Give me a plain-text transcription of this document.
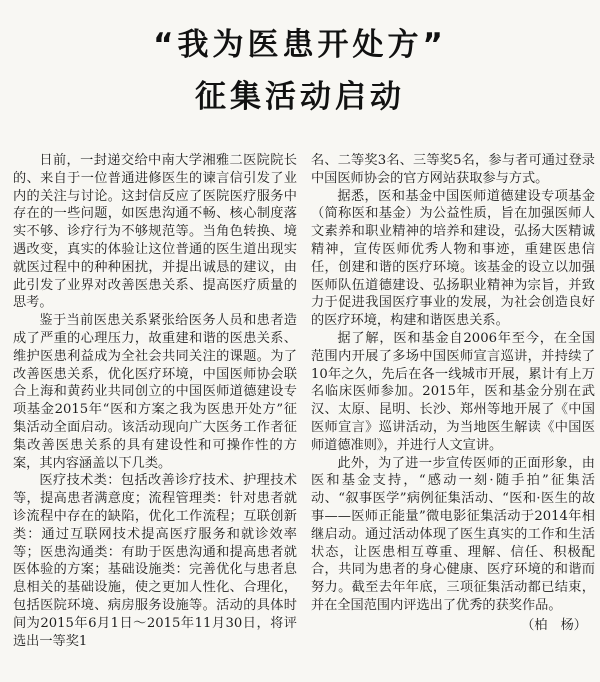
“我为医患开处方”
征集活动启动

日前，一封递交给中南大学湘雅二医院院长的、来自于一位普通进修医生的谏言信引发了业内的关注与讨论。这封信反应了医院医疗服务中存在的一些问题，如医患沟通不畅、核心制度落实不够、诊疗行为不够规范等。当角色转换、境遇改变，真实的体验让这位普通的医生道出现实就医过程中的种种困扰，并提出诚恳的建议，由此引发了业界对改善医患关系、提高医疗质量的思考。

鉴于当前医患关系紧张给医务人员和患者造成了严重的心理压力，故重建和谐的医患关系、维护医患利益成为全社会共同关注的课题。为了改善医患关系，优化医疗环境，中国医师协会联合上海和黄药业共同创立的中国医师道德建设专项基金2015年“医和方案之我为医患开处方”征集活动全面启动。该活动现向广大医务工作者征集改善医患关系的具有建设性和可操作性的方案，其内容涵盖以下几类。

医疗技术类：包括改善诊疗技术、护理技术等，提高患者满意度；流程管理类：针对患者就诊流程中存在的缺陷，优化工作流程；互联创新类：通过互联网技术提高医疗服务和就诊效率等；医患沟通类：有助于医患沟通和提高患者就医体验的方案；基础设施类：完善优化与患者息息相关的基础设施，使之更加人性化、合理化，包括医院环境、病房服务设施等。活动的具体时间为2015年6月1日～2015年11月30日，将评选出一等奖1

名、二等奖3名、三等奖5名，参与者可通过登录中国医师协会的官方网站获取参与方式。

据悉，医和基金中国医师道德建设专项基金（简称医和基金）为公益性质，旨在加强医师人文素养和职业精神的培养和建设，弘扬大医精诚精神，宣传医师优秀人物和事迹，重建医患信任，创建和谐的医疗环境。该基金的设立以加强医师队伍道德建设、弘扬职业精神为宗旨，并致力于促进我国医疗事业的发展，为社会创造良好的医疗环境，构建和谐医患关系。

据了解，医和基金自2006年至今，在全国范围内开展了多场中国医师宣言巡讲，并持续了10年之久，先后在各一线城市开展，累计有上万名临床医师参加。2015年，医和基金分别在武汉、太原、昆明、长沙、郑州等地开展了《中国医师宣言》巡讲活动，为当地医生解读《中国医师道德准则》，并进行人文宣讲。

此外，为了进一步宣传医师的正面形象，由医和基金支持，“感动一刻·随手拍”征集活动、“叙事医学”病例征集活动、“医和·医生的故事——医师正能量”微电影征集活动于2014年相继启动。通过活动体现了医生真实的工作和生活状态，让医患相互尊重、理解、信任、积极配合，共同为患者的身心健康、医疗环境的和谐而努力。截至去年年底，三项征集活动都已结束，并在全国范围内评选出了优秀的获奖作品。

（柏　杨）
